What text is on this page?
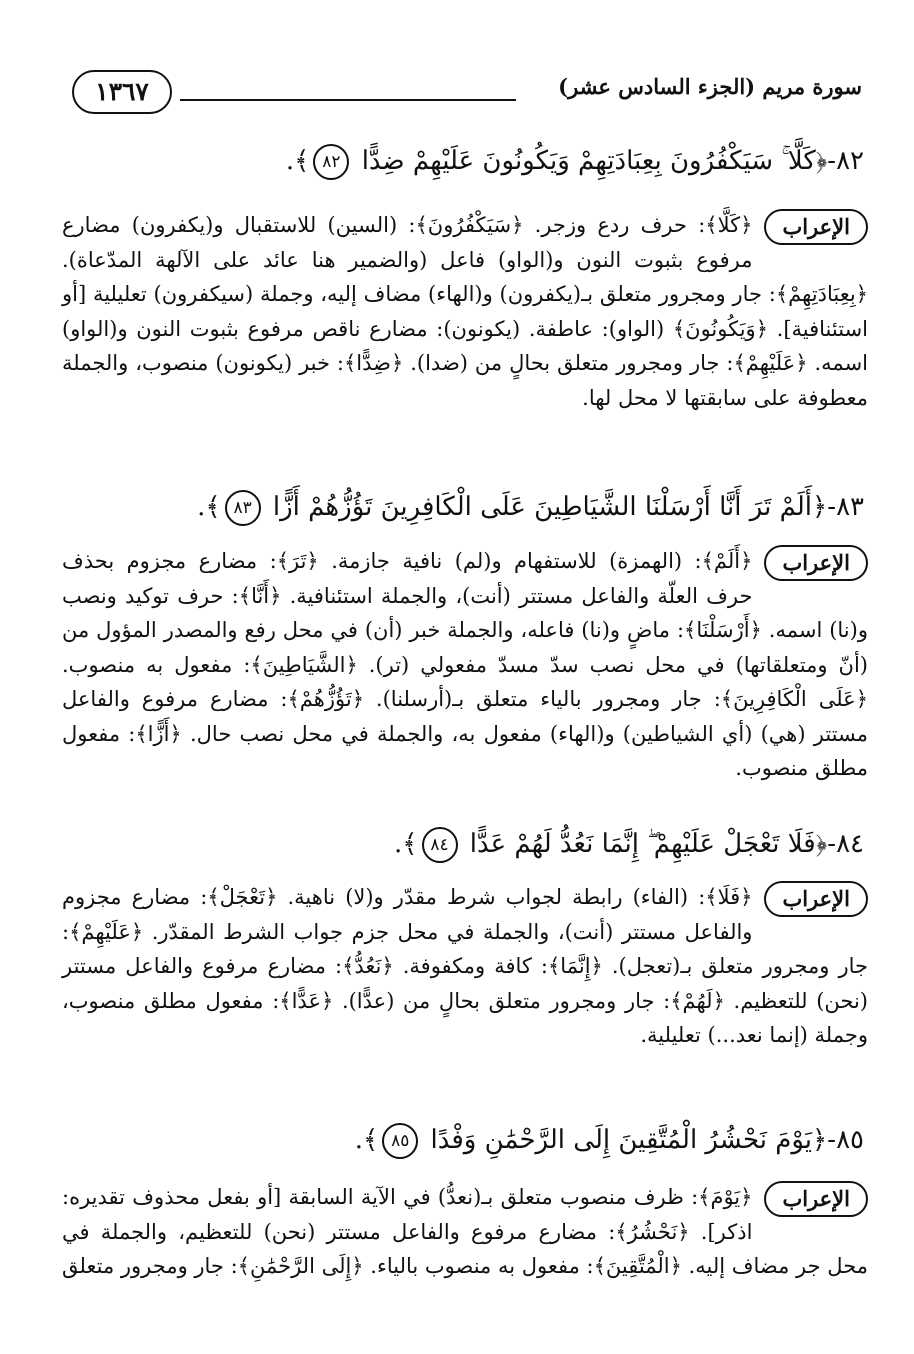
١٣٦٧	سورة مريم (الجزء السادس عشر)
٨٢-﴿كَلَّا ۚ سَيَكْفُرُونَ بِعِبَادَتِهِمْ وَيَكُونُونَ عَلَيْهِمْ ضِدًّا ٨٢﴾.
الإعراب
﴿كَلَّا﴾: حرف ردع وزجر. ﴿سَيَكْفُرُونَ﴾: (السين) للاستقبال و(يكفرون) مضارع مرفوع بثبوت النون و(الواو) فاعل (والضمير هنا عائد على الآلهة المدّعاة). ﴿بِعِبَادَتِهِمْ﴾: جار ومجرور متعلق بـ(يكفرون) و(الهاء) مضاف إليه، وجملة (سيكفرون) تعليلية [أو استئنافية]. ﴿وَيَكُونُونَ﴾ (الواو): عاطفة. (يكونون): مضارع ناقص مرفوع بثبوت النون و(الواو) اسمه. ﴿عَلَيْهِمْ﴾: جار ومجرور متعلق بحالٍ من (ضدا). ﴿ضِدًّا﴾: خبر (يكونون) منصوب، والجملة معطوفة على سابقتها لا محل لها.
٨٣-﴿أَلَمْ تَرَ أَنَّا أَرْسَلْنَا الشَّيَاطِينَ عَلَى الْكَافِرِينَ تَؤُزُّهُمْ أَزًّا ٨٣﴾.
الإعراب
﴿أَلَمْ﴾: (الهمزة) للاستفهام و(لم) نافية جازمة. ﴿تَرَ﴾: مضارع مجزوم بحذف حرف العلّة والفاعل مستتر (أنت)، والجملة استئنافية. ﴿أَنَّا﴾: حرف توكيد ونصب و(نا) اسمه. ﴿أَرْسَلْنَا﴾: ماضٍ و(نا) فاعله، والجملة خبر (أن) في محل رفع والمصدر المؤول من (أنّ ومتعلقاتها) في محل نصب سدّ مسدّ مفعولي (تر). ﴿الشَّيَاطِينَ﴾: مفعول به منصوب. ﴿عَلَى الْكَافِرِينَ﴾: جار ومجرور بالياء متعلق بـ(أرسلنا). ﴿تَؤُزُّهُمْ﴾: مضارع مرفوع والفاعل مستتر (هي) (أي الشياطين) و(الهاء) مفعول به، والجملة في محل نصب حال. ﴿أَزًّا﴾: مفعول مطلق منصوب.
٨٤-﴿فَلَا تَعْجَلْ عَلَيْهِمْ ۖ إِنَّمَا نَعُدُّ لَهُمْ عَدًّا ٨٤﴾.
الإعراب
﴿فَلَا﴾: (الفاء) رابطة لجواب شرط مقدّر و(لا) ناهية. ﴿تَعْجَلْ﴾: مضارع مجزوم والفاعل مستتر (أنت)، والجملة في محل جزم جواب الشرط المقدّر. ﴿عَلَيْهِمْ﴾: جار ومجرور متعلق بـ(تعجل). ﴿إِنَّمَا﴾: كافة ومكفوفة. ﴿نَعُدُّ﴾: مضارع مرفوع والفاعل مستتر (نحن) للتعظيم. ﴿لَهُمْ﴾: جار ومجرور متعلق بحالٍ من (عدًّا). ﴿عَدًّا﴾: مفعول مطلق منصوب، وجملة (إنما نعد...) تعليلية.
٨٥-﴿يَوْمَ نَحْشُرُ الْمُتَّقِينَ إِلَى الرَّحْمَٰنِ وَفْدًا ٨٥﴾.
الإعراب
﴿يَوْمَ﴾: ظرف منصوب متعلق بـ(نعدُّ) في الآية السابقة [أو بفعل محذوف تقديره: اذكر]. ﴿نَحْشُرُ﴾: مضارع مرفوع والفاعل مستتر (نحن) للتعظيم، والجملة في محل جر مضاف إليه. ﴿الْمُتَّقِينَ﴾: مفعول به منصوب بالياء. ﴿إِلَى الرَّحْمَٰنِ﴾: جار ومجرور متعلق
